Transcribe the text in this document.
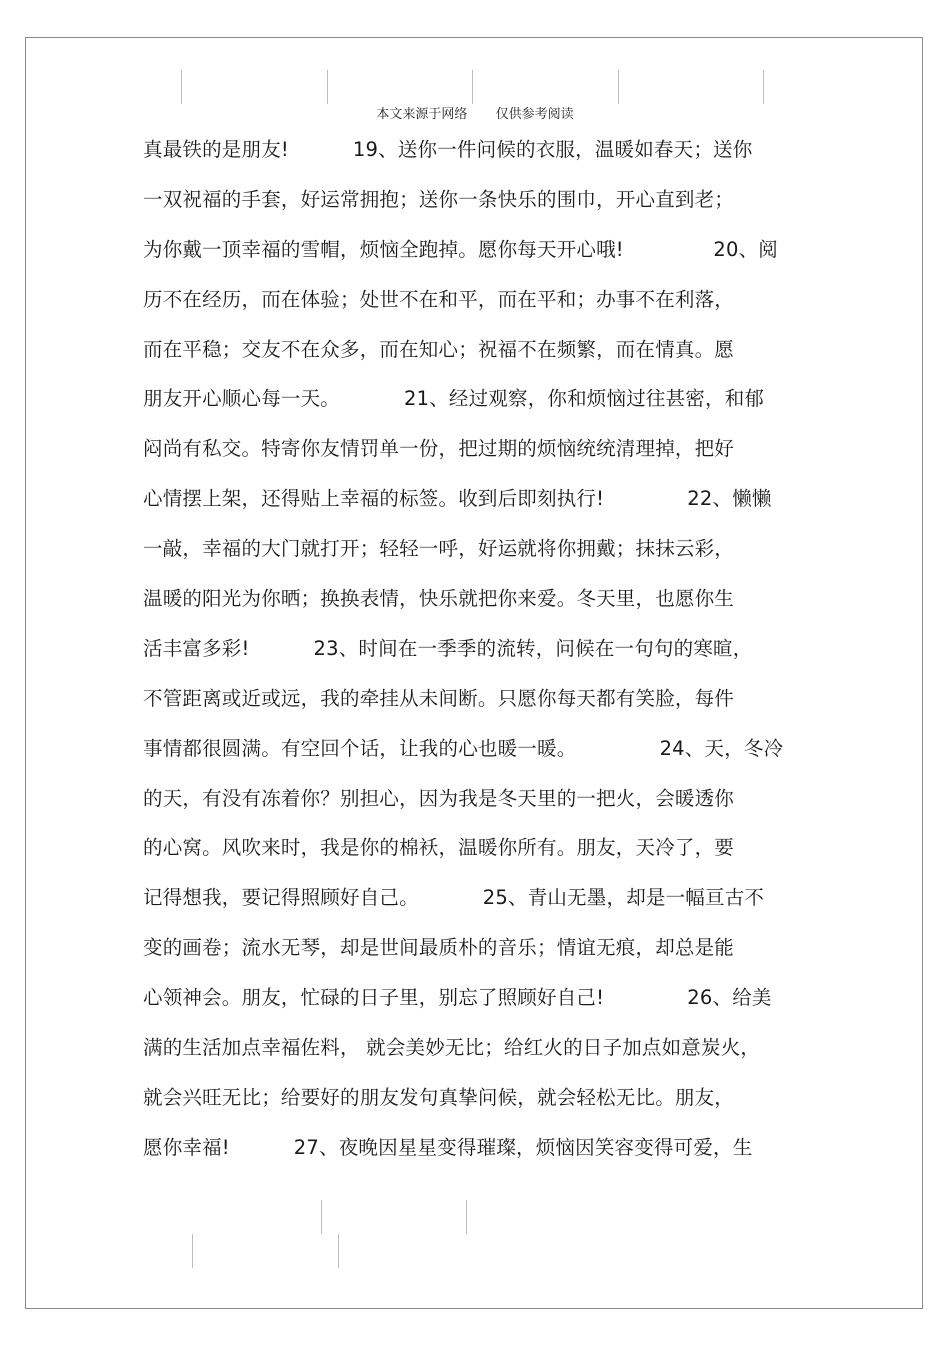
本文来源于网络 仅供参考阅读
真最铁的是朋友!          19、送你一件问候的衣服，温暖如春天；送你
一双祝福的手套，好运常拥抱；送你一条快乐的围巾，开心直到老；
为你戴一顶幸福的雪帽，烦恼全跑掉。愿你每天开心哦!              20、阅
历不在经历，而在体验；处世不在和平，而在平和；办事不在利落，
而在平稳；交友不在众多，而在知心；祝福不在频繁，而在情真。愿
朋友开心顺心每一天。          21、经过观察，你和烦恼过往甚密，和郁
闷尚有私交。特寄你友情罚单一份，把过期的烦恼统统清理掉，把好
心情摆上架，还得贴上幸福的标签。收到后即刻执行!             22、懒懒
一敲，幸福的大门就打开；轻轻一呼，好运就将你拥戴；抹抹云彩，
温暖的阳光为你晒；换换表情，快乐就把你来爱。冬天里，也愿你生
活丰富多彩!          23、时间在一季季的流转，问候在一句句的寒暄，
不管距离或近或远，我的牵挂从未间断。只愿你每天都有笑脸，每件
事情都很圆满。有空回个话，让我的心也暖一暖。             24、天，冬冷
的天，有没有冻着你？别担心，因为我是冬天里的一把火，会暖透你
的心窝。风吹来时，我是你的棉袄，温暖你所有。朋友，天冷了，要
记得想我，要记得照顾好自己。          25、青山无墨，却是一幅亘古不
变的画卷；流水无琴，却是世间最质朴的音乐；情谊无痕，却总是能
心领神会。朋友，忙碌的日子里，别忘了照顾好自己!             26、给美
满的生活加点幸福佐料， 就会美妙无比；给红火的日子加点如意炭火，
就会兴旺无比；给要好的朋友发句真挚问候，就会轻松无比。朋友，
愿你幸福!          27、夜晚因星星变得璀璨，烦恼因笑容变得可爱，生
